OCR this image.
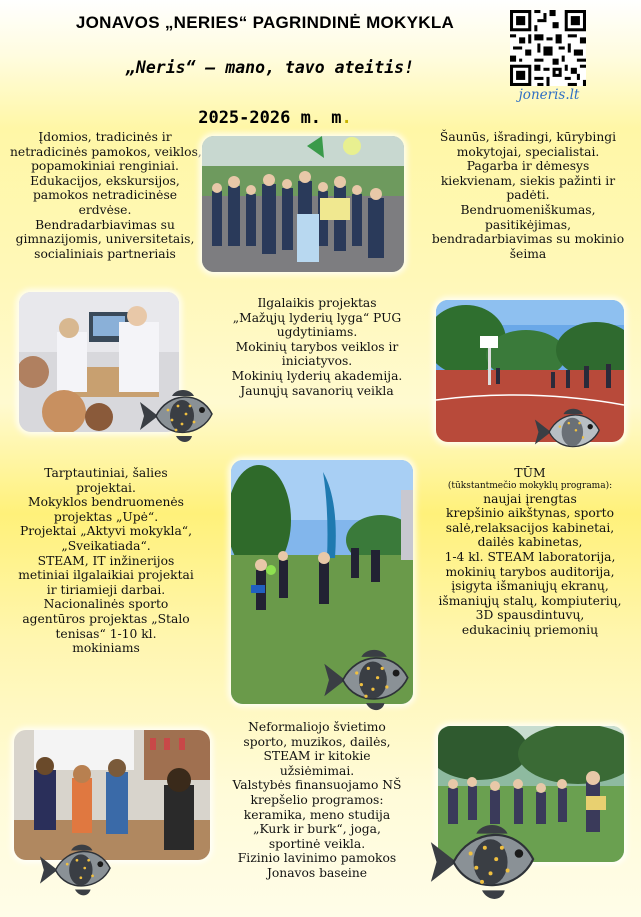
JONAVOS „NERIES“ PAGRINDINĖ MOKYKLA
„Neris“ – mano, tavo ateitis!
2025-2026 m. m.
joneris.lt
Įdomios, tradicinės ir
netradicinės pamokos, veiklos,
popamokiniai renginiai.
Edukacijos, ekskursijos,
pamokos netradicinėse
erdvėse.
Bendradarbiavimas su
gimnazijomis, universitetais,
socialiniais partneriais
Šaunūs, išradingi, kūrybingi
mokytojai, specialistai.
Pagarba ir dėmesys
kiekvienam, siekis pažinti ir
padėti.
Bendruomeniškumas,
pasitikėjimas,
bendradarbiavimas su mokinio
šeima
Ilgalaikis projektas
„Mažųjų lyderių lyga“ PUG
ugdytiniams.
Mokinių tarybos veiklos ir
iniciatyvos.
Mokinių lyderių akademija.
Jaunųjų savanorių veikla
Tarptautiniai, šalies
projektai.
Mokyklos bendruomenės
projektas „Upė“.
Projektai „Aktyvi mokykla“,
„Sveikatiada“.
STEAM, IT inžinerijos
metiniai ilgalaikiai projektai
ir tiriamieji darbai.
Nacionalinės sporto
agentūros projektas „Stalo
tenisas“ 1-10 kl.
mokiniams
TŪM
(tūkstantmečio mokyklų programa):
naujai įrengtas
krepšinio aikštynas, sporto
salė,relaksacijos kabinetai,
dailės kabinetas,
1-4 kl. STEAM laboratorija,
mokinių tarybos auditorija,
įsigyta išmaniųjų ekranų,
išmaniųjų stalų, kompiuterių,
3D spausdintuvų,
edukacinių priemonių
Neformaliojo švietimo
sporto, muzikos, dailės,
STEAM ir kitokie
užsiėmimai.
Valstybės finansuojamo NŠ
krepšelio programos:
keramika, meno studija
„Kurk ir burk“, joga,
sportinė veikla.
Fizinio lavinimo pamokos
Jonavos baseine
